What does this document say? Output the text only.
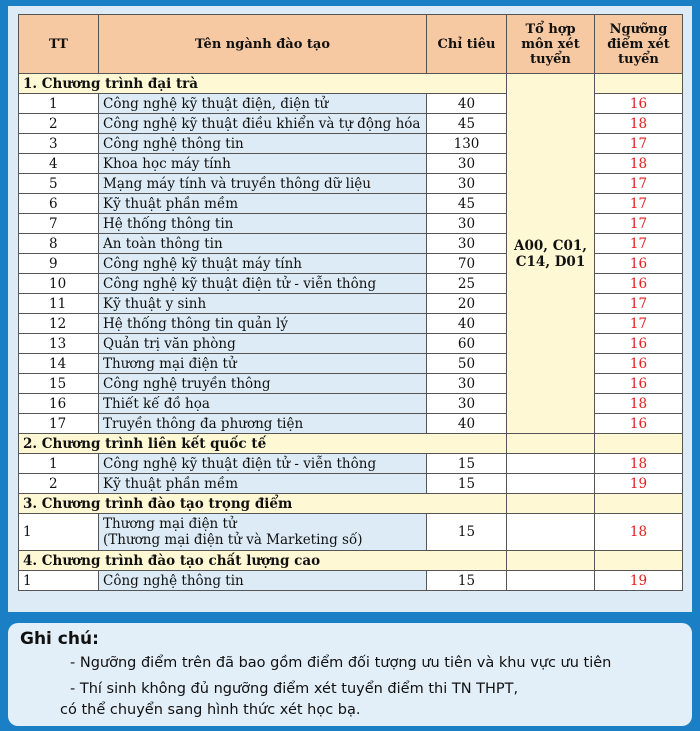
TT	Tên ngành đào tạo	Chỉ tiêu	Tổ hợp môn xét tuyển	Ngưỡng điểm xét tuyển
1. Chương trình đại trà			A00, C01, C14, D01	
1	Công nghệ kỹ thuật điện, điện tử	40		16
2	Công nghệ kỹ thuật điều khiển và tự động hóa	45		18
3	Công nghệ thông tin	130		17
4	Khoa học máy tính	30		18
5	Mạng máy tính và truyền thông dữ liệu	30		17
6	Kỹ thuật phần mềm	45		17
7	Hệ thống thông tin	30		17
8	An toàn thông tin	30		17
9	Công nghệ kỹ thuật máy tính	70		16
10	Công nghệ kỹ thuật điện tử - viễn thông	25		16
11	Kỹ thuật y sinh	20		17
12	Hệ thống thông tin quản lý	40		17
13	Quản trị văn phòng	60		16
14	Thương mại điện tử	50		16
15	Công nghệ truyền thông	30		16
16	Thiết kế đồ họa	30		18
17	Truyền thông đa phương tiện	40		16
2. Chương trình liên kết quốc tế				
1	Công nghệ kỹ thuật điện tử - viễn thông	15		18
2	Kỹ thuật phần mềm	15		19
3. Chương trình đào tạo trọng điểm				
1	Thương mại điện tử
(Thương mại điện tử và Marketing số)	15		18
4. Chương trình đào tạo chất lượng cao				
1	Công nghệ thông tin	15		19
Ghi chú:
- Ngưỡng điểm trên đã bao gồm điểm đối tượng ưu tiên và khu vực ưu tiên
- Thí sinh không đủ ngưỡng điểm xét tuyển điểm thi TN THPT,
có thể chuyển sang hình thức xét học bạ.
